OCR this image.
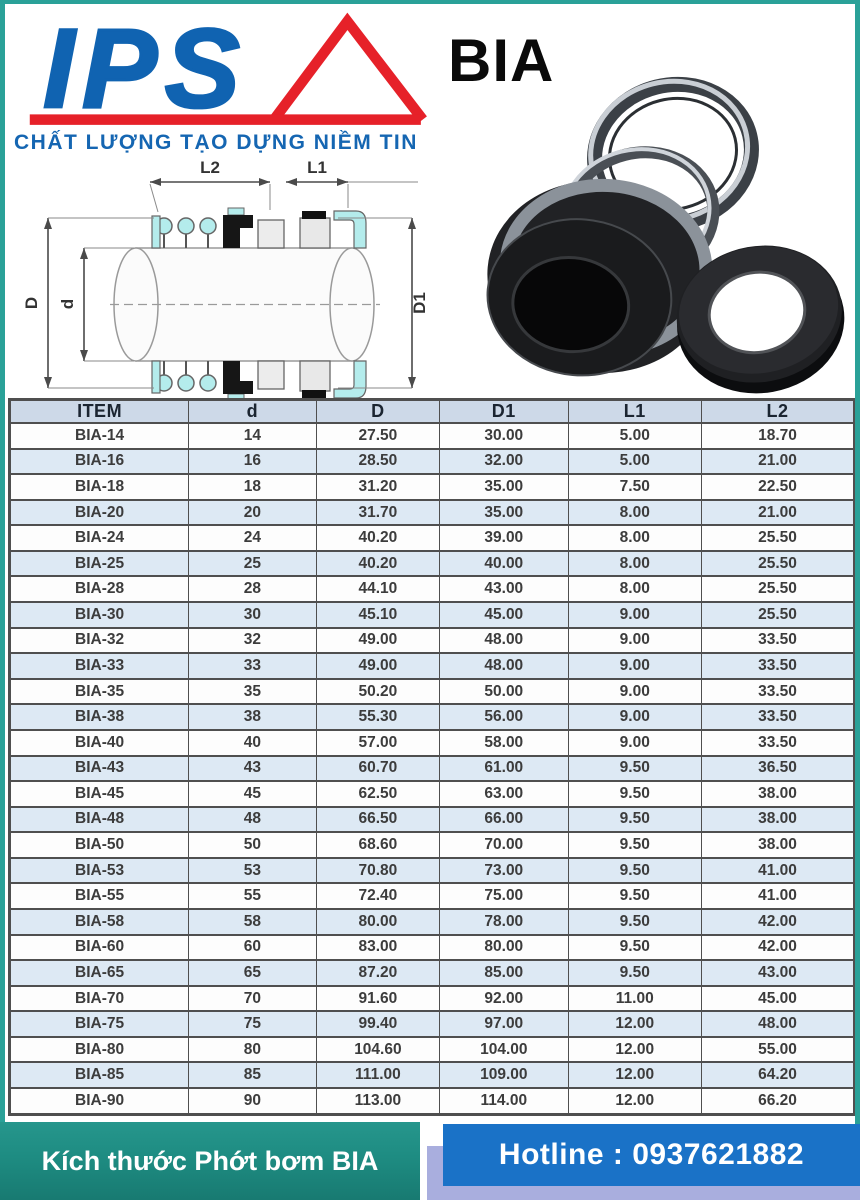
IPS
CHẤT LƯỢNG TẠO DỰNG NIỀM TIN
BIA
L2	L1
D d	D1
ITEM	d	D	D1	L1	L2
BIA-14	14	27.50	30.00	5.00	18.70
BIA-16	16	28.50	32.00	5.00	21.00
BIA-18	18	31.20	35.00	7.50	22.50
BIA-20	20	31.70	35.00	8.00	21.00
BIA-24	24	40.20	39.00	8.00	25.50
BIA-25	25	40.20	40.00	8.00	25.50
BIA-28	28	44.10	43.00	8.00	25.50
BIA-30	30	45.10	45.00	9.00	25.50
BIA-32	32	49.00	48.00	9.00	33.50
BIA-33	33	49.00	48.00	9.00	33.50
BIA-35	35	50.20	50.00	9.00	33.50
BIA-38	38	55.30	56.00	9.00	33.50
BIA-40	40	57.00	58.00	9.00	33.50
BIA-43	43	60.70	61.00	9.50	36.50
BIA-45	45	62.50	63.00	9.50	38.00
BIA-48	48	66.50	66.00	9.50	38.00
BIA-50	50	68.60	70.00	9.50	38.00
BIA-53	53	70.80	73.00	9.50	41.00
BIA-55	55	72.40	75.00	9.50	41.00
BIA-58	58	80.00	78.00	9.50	42.00
BIA-60	60	83.00	80.00	9.50	42.00
BIA-65	65	87.20	85.00	9.50	43.00
BIA-70	70	91.60	92.00	11.00	45.00
BIA-75	75	99.40	97.00	12.00	48.00
BIA-80	80	104.60	104.00	12.00	55.00
BIA-85	85	111.00	109.00	12.00	64.20
BIA-90	90	113.00	114.00	12.00	66.20
Kích thước Phớt bơm BIA	Hotline : 0937621882
